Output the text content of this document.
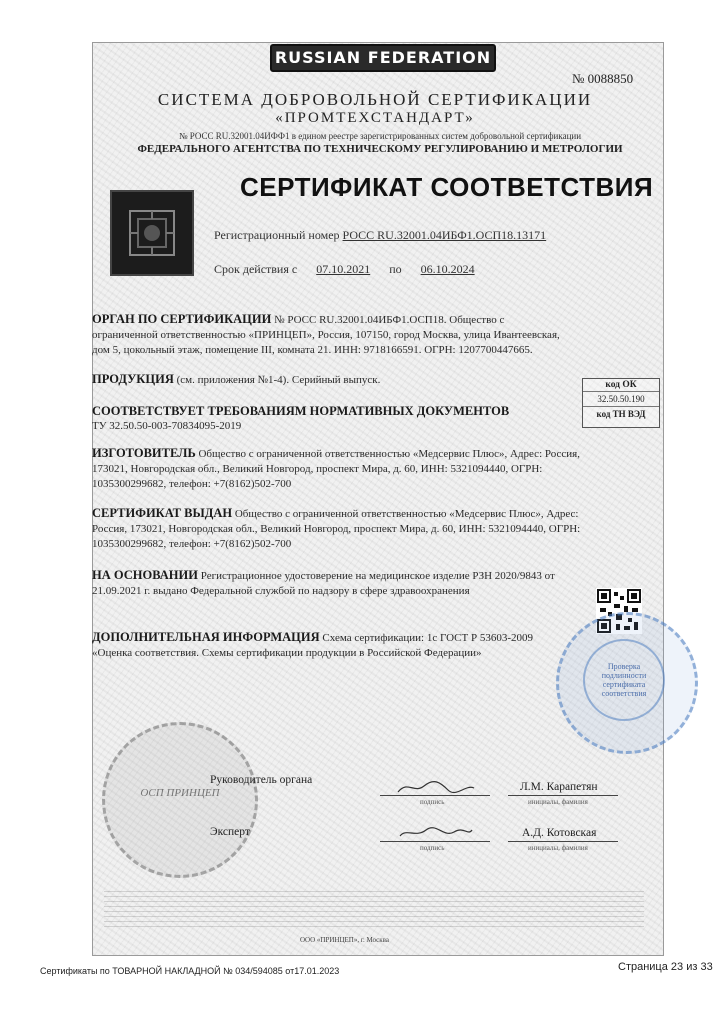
RUSSIAN FEDERATION
№ 0088850
СИСТЕМА ДОБРОВОЛЬНОЙ СЕРТИФИКАЦИИ
«ПРОМТЕХСТАНДАРТ»
№ РОСС RU.32001.04ИФФ1 в едином реестре зарегистрированных систем добровольной сертификации
ФЕДЕРАЛЬНОГО АГЕНТСТВА ПО ТЕХНИЧЕСКОМУ РЕГУЛИРОВАНИЮ И МЕТРОЛОГИИ
СЕРТИФИКАТ СООТВЕТСТВИЯ
Регистрационный номер РОСС RU.32001.04ИБФ1.ОСП18.13171
Срок действия с 07.10.2021 по 06.10.2024
ОРГАН ПО СЕРТИФИКАЦИИ № РОСС RU.32001.04ИБФ1.ОСП18. Общество с ограниченной ответственностью «ПРИНЦЕП», Россия, 107150, город Москва, улица Ивантеевская, дом 5, цокольный этаж, помещение III, комната 21. ИНН: 9718166591. ОГРН: 1207700447665.
ПРОДУКЦИЯ (см. приложения №1-4). Серийный выпуск.	код ОК
32.50.50.190
код ТН ВЭД
СООТВЕТСТВУЕТ ТРЕБОВАНИЯМ НОРМАТИВНЫХ ДОКУМЕНТОВ
ТУ 32.50.50-003-70834095-2019
ИЗГОТОВИТЕЛЬ Общество с ограниченной ответственностью «Медсервис Плюс», Адрес: Россия, 173021, Новгородская обл., Великий Новгород, проспект Мира, д. 60, ИНН: 5321094440, ОГРН: 1035300299682, телефон: +7(8162)502-700
СЕРТИФИКАТ ВЫДАН Общество с ограниченной ответственностью «Медсервис Плюс», Адрес: Россия, 173021, Новгородская обл., Великий Новгород, проспект Мира, д. 60, ИНН: 5321094440, ОГРН: 1035300299682, телефон: +7(8162)502-700
НА ОСНОВАНИИ Регистрационное удостоверение на медицинское изделие РЗН 2020/9843 от 21.09.2021 г. выдано Федеральной службой по надзору в сфере здравоохранения
Проверка подлинности сертификата соответствия
ДОПОЛНИТЕЛЬНАЯ ИНФОРМАЦИЯ Схема сертификации: 1с ГОСТ Р 53603-2009 «Оценка соответствия. Схемы сертификации продукции в Российской Федерации»
ОСП ПРИНЦЕП
Руководитель органа
Л.М. Карапетян
подпись	инициалы, фамилия
Эксперт	А.Д. Котовская
подпись	инициалы, фамилия
ООО «ПРИНЦЕП», г. Москва
Сертификаты по ТОВАРНОЙ НАКЛАДНОЙ № 034/594085 от17.01.2023	Страница 23 из 33
